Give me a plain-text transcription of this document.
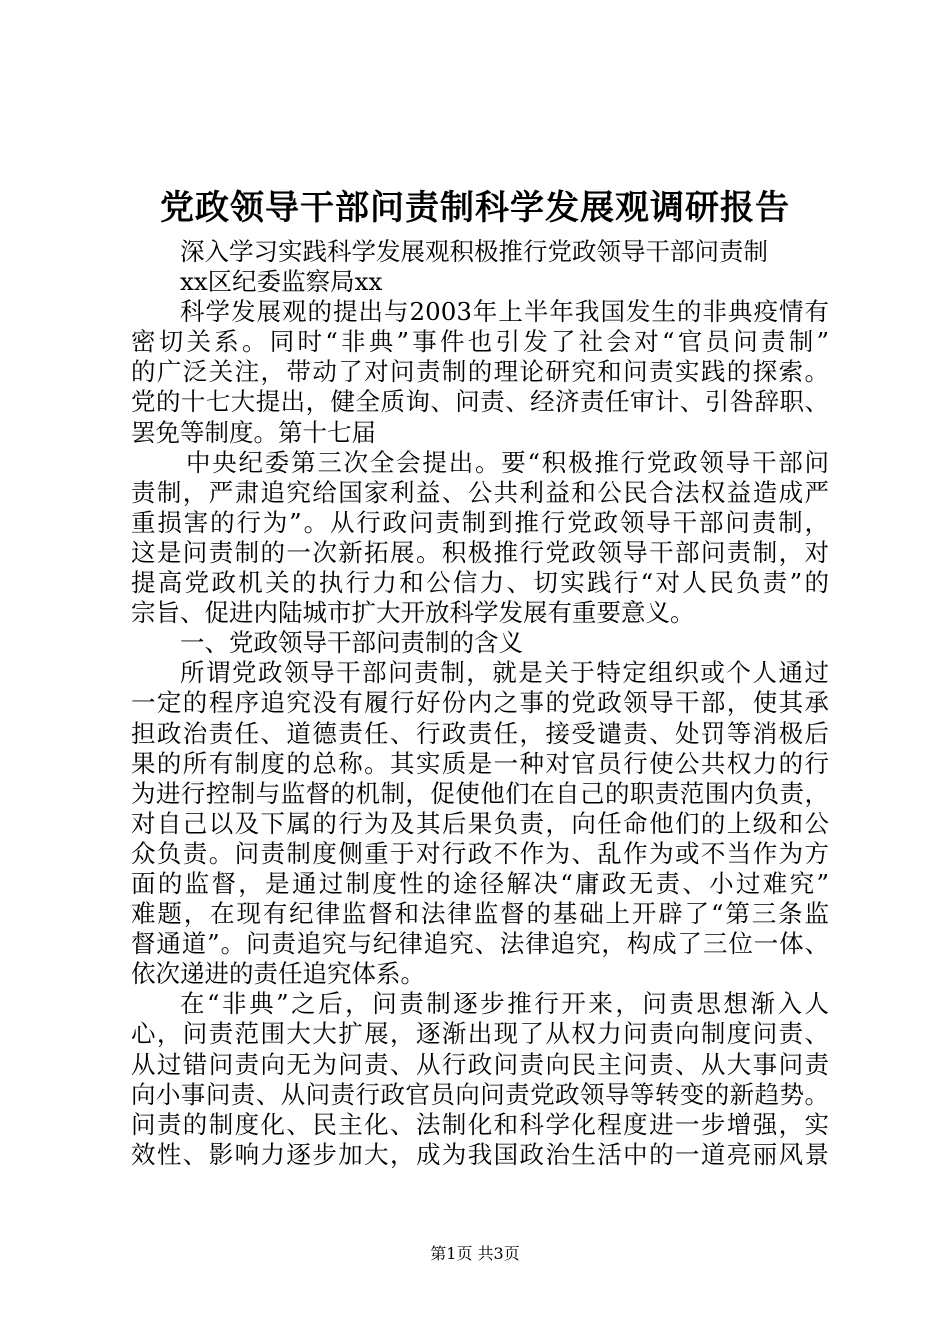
党政领导干部问责制科学发展观调研报告
深入学习实践科学发展观积极推行党政领导干部问责制
xx区纪委监察局xx
科学发展观的提出与2003年上半年我国发生的非典疫情有
密切关系。同时“非典”事件也引发了社会对“官员问责制”
的广泛关注，带动了对问责制的理论研究和问责实践的探索。
党的十七大提出，健全质询、问责、经济责任审计、引咎辞职、
罢免等制度。第十七届
中央纪委第三次全会提出。要“积极推行党政领导干部问
责制，严肃追究给国家利益、公共利益和公民合法权益造成严
重损害的行为”。从行政问责制到推行党政领导干部问责制，
这是问责制的一次新拓展。积极推行党政领导干部问责制，对
提高党政机关的执行力和公信力、切实践行“对人民负责”的
宗旨、促进内陆城市扩大开放科学发展有重要意义。
一、党政领导干部问责制的含义
所谓党政领导干部问责制，就是关于特定组织或个人通过
一定的程序追究没有履行好份内之事的党政领导干部，使其承
担政治责任、道德责任、行政责任，接受谴责、处罚等消极后
果的所有制度的总称。其实质是一种对官员行使公共权力的行
为进行控制与监督的机制，促使他们在自己的职责范围内负责，
对自己以及下属的行为及其后果负责，向任命他们的上级和公
众负责。问责制度侧重于对行政不作为、乱作为或不当作为方
面的监督，是通过制度性的途径解决“庸政无责、小过难究”
难题，在现有纪律监督和法律监督的基础上开辟了“第三条监
督通道”。问责追究与纪律追究、法律追究，构成了三位一体、
依次递进的责任追究体系。
在“非典”之后，问责制逐步推行开来，问责思想渐入人
心，问责范围大大扩展，逐渐出现了从权力问责向制度问责、
从过错问责向无为问责、从行政问责向民主问责、从大事问责
向小事问责、从问责行政官员向问责党政领导等转变的新趋势。
问责的制度化、民主化、法制化和科学化程度进一步增强，实
效性、影响力逐步加大，成为我国政治生活中的一道亮丽风景
第1页 共3页
